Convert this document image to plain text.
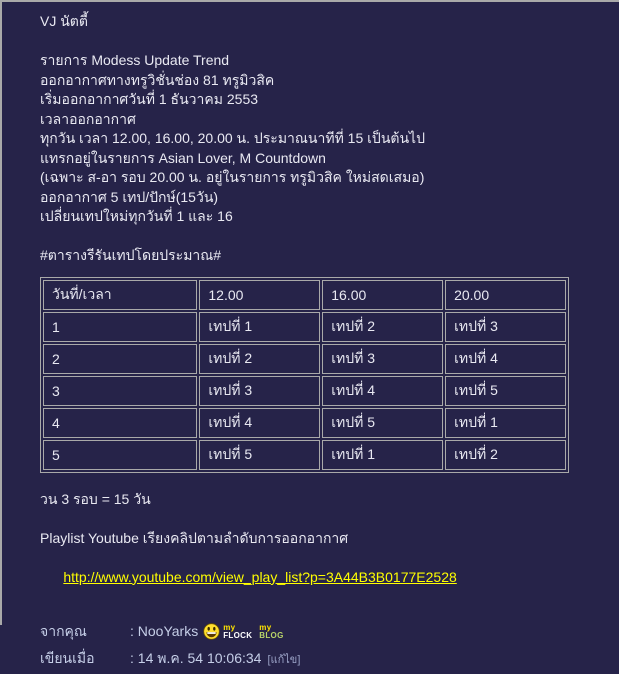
VJ นัตตี้
รายการ Modess Update Trend
ออกอากาศทางทรูวิชั่นช่อง 81 ทรูมิวสิค
เริ่มออกอากาศวันที่ 1 ธันวาคม 2553
เวลาออกอากาศ
ทุกวัน เวลา 12.00, 16.00, 20.00 น. ประมาณนาทีที่ 15 เป็นต้นไป
แทรกอยู่ในรายการ Asian Lover, M Countdown
(เฉพาะ ส-อา รอบ 20.00 น. อยู่ในรายการ ทรูมิวสิค ใหม่สดเสมอ)
ออกอากาศ 5 เทป/ปักษ์(15วัน)
เปลี่ยนเทปใหม่ทุกวันที่ 1 และ 16
#ตารางรีรันเทปโดยประมาณ#
วันที่/เวลา	12.00	16.00	20.00
1	เทปที่ 1	เทปที่ 2	เทปที่ 3
2	เทปที่ 2	เทปที่ 3	เทปที่ 4
3	เทปที่ 3	เทปที่ 4	เทปที่ 5
4	เทปที่ 4	เทปที่ 5	เทปที่ 1
5	เทปที่ 5	เทปที่ 1	เทปที่ 2
วน 3 รอบ = 15 วัน
Playlist Youtube เรียงคลิปตามลำดับการออกอากาศ

http://www.youtube.com/view_play_list?p=3A44B3B0177E2528

จากคุณ	: NooYarks	my
FLOCK
my
BLOG
เขียนเมื่อ	: 14 พ.ค. 54 10:06:34 [แก้ไข]
